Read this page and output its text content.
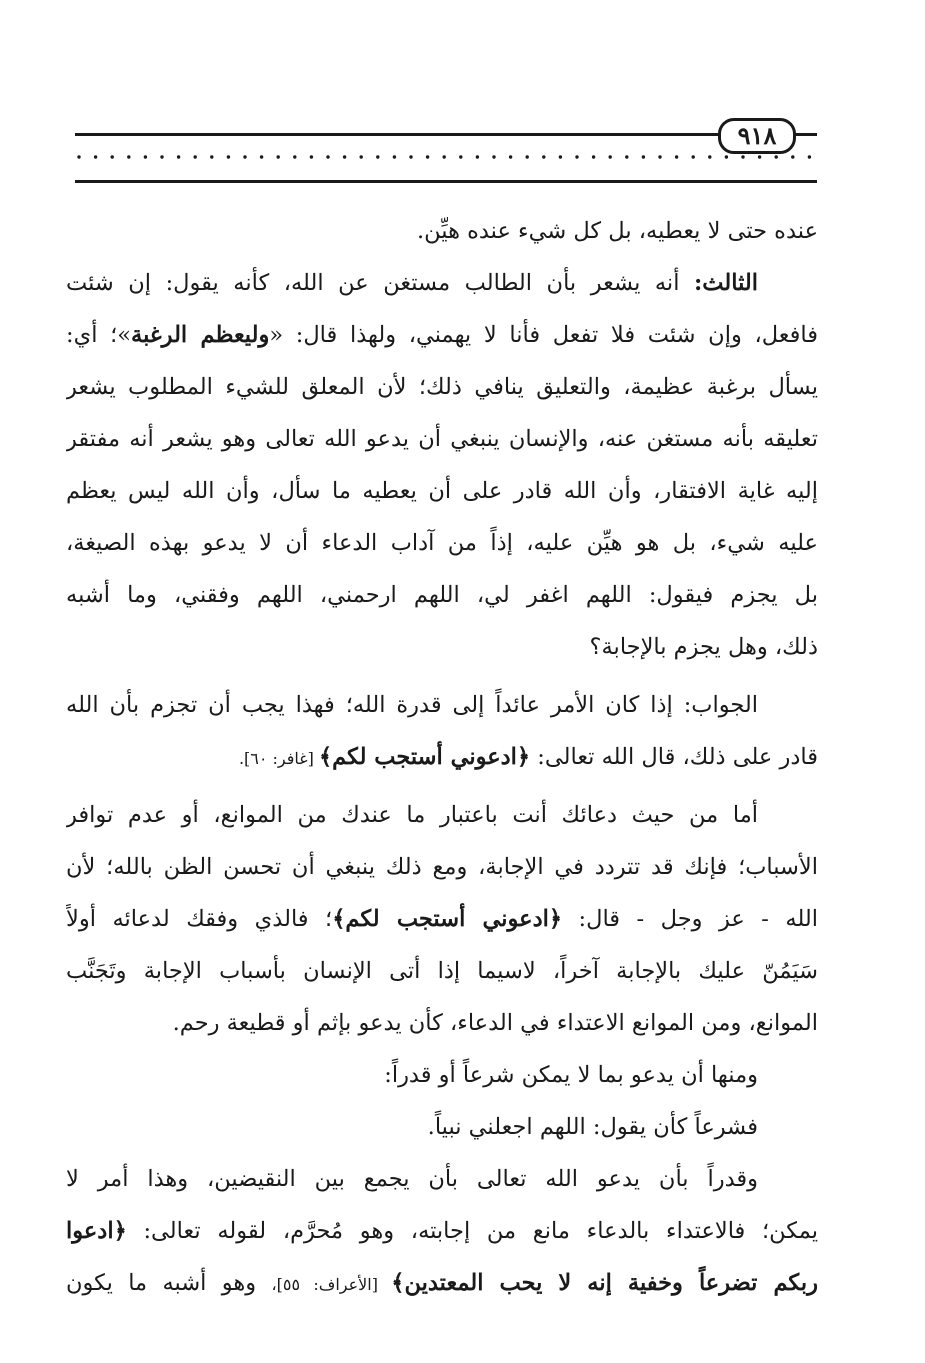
٩١٨
عنده حتى لا يعطيه، بل كل شيء عنده هيِّن.
الثالث: أنه يشعر بأن الطالب مستغن عن الله، كأنه يقول: إن شئت
فافعل، وإن شئت فلا تفعل فأنا لا يهمني، ولهذا قال: «وليعظم الرغبة»؛ أي:
يسأل برغبة عظيمة، والتعليق ينافي ذلك؛ لأن المعلق للشيء المطلوب يشعر
تعليقه بأنه مستغن عنه، والإنسان ينبغي أن يدعو الله تعالى وهو يشعر أنه مفتقر
إليه غاية الافتقار، وأن الله قادر على أن يعطيه ما سأل، وأن الله ليس يعظم
عليه شيء، بل هو هيِّن عليه، إذاً من آداب الدعاء أن لا يدعو بهذه الصيغة،
بل يجزم فيقول: اللهم اغفر لي، اللهم ارحمني، اللهم وفقني، وما أشبه
ذلك، وهل يجزم بالإجابة؟
الجواب: إذا كان الأمر عائداً إلى قدرة الله؛ فهذا يجب أن تجزم بأن الله
قادر على ذلك، قال الله تعالى: ﴿ادعوني أستجب لكم﴾ [غافر: ٦٠].
أما من حيث دعائك أنت باعتبار ما عندك من الموانع، أو عدم توافر
الأسباب؛ فإنك قد تتردد في الإجابة، ومع ذلك ينبغي أن تحسن الظن بالله؛ لأن
الله - عز وجل - قال: ﴿ادعوني أستجب لكم﴾؛ فالذي وفقك لدعائه أولاً
سَيَمُنّ عليك بالإجابة آخراً، لاسيما إذا أتى الإنسان بأسباب الإجابة وتَجَنَّب
الموانع، ومن الموانع الاعتداء في الدعاء، كأن يدعو بإثم أو قطيعة رحم.
ومنها أن يدعو بما لا يمكن شرعاً أو قدراً:
فشرعاً كأن يقول: اللهم اجعلني نبياً.
وقدراً بأن يدعو الله تعالى بأن يجمع بين النقيضين، وهذا أمر لا
يمكن؛ فالاعتداء بالدعاء مانع من إجابته، وهو مُحرَّم، لقوله تعالى: ﴿ادعوا
ربكم تضرعاً وخفية إنه لا يحب المعتدين﴾ [الأعراف: ٥٥]، وهو أشبه ما يكون
